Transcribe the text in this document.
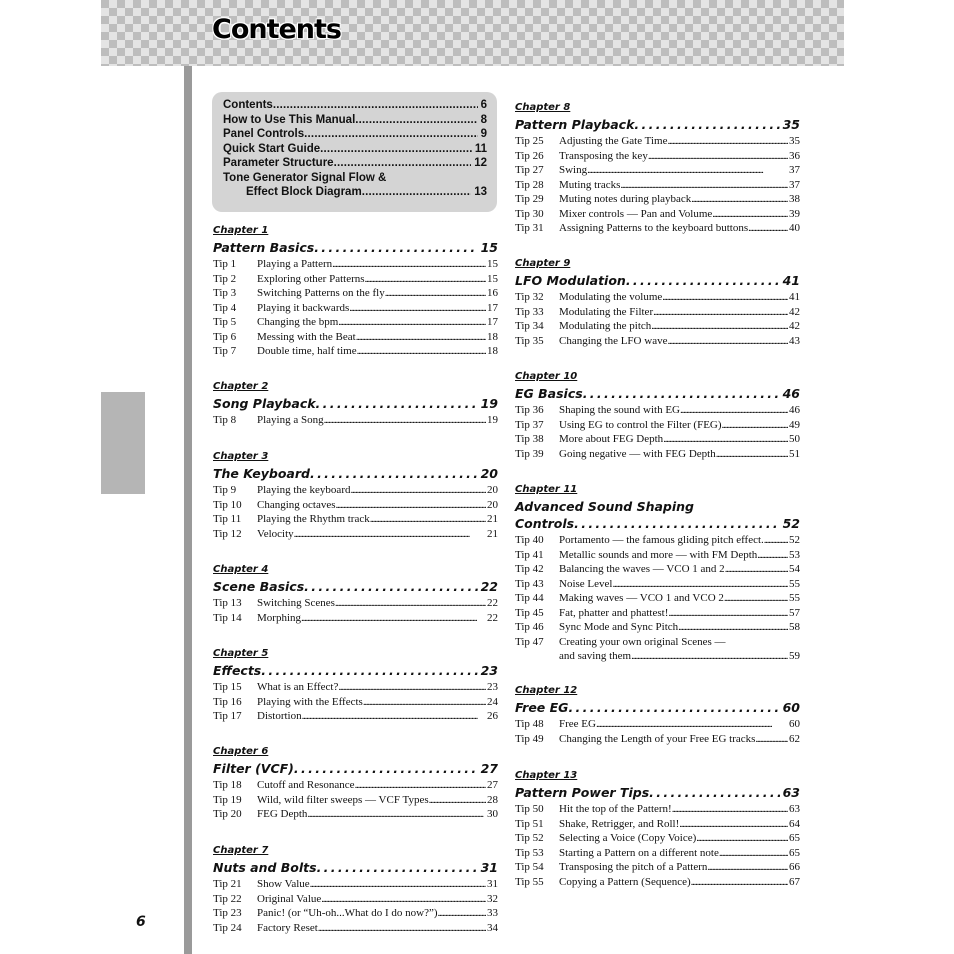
Contents
6
Contents . . .	6
How to Use This Manual . . .	8
Panel Controls . . .	9
Quick Start Guide . . .	11
Parameter Structure . . .	12
Tone Generator Signal Flow &
Effect Block Diagram . . .	13
Chapter 1
Pattern Basics . . .	15
Tip 1	Playing a Pattern . . .	15
Tip 2	Exploring other Patterns . . .	15
Tip 3	Switching Patterns on the fly . . .	16
Tip 4	Playing it backwards . . .	17
Tip 5	Changing the bpm . . .	17
Tip 6	Messing with the Beat . . .	18
Tip 7	Double time, half time . . .	18
Chapter 2
Song Playback . . .	19
Tip 8	Playing a Song . . .	19
Chapter 3
The Keyboard . . .	20
Tip 9	Playing the keyboard . . .	20
Tip 10	Changing octaves . . .	20
Tip 11	Playing the Rhythm track . . .	21
Tip 12	Velocity . . .	21
Chapter 4
Scene Basics . . .	22
Tip 13	Switching Scenes . . .	22
Tip 14	Morphing . . .	22
Chapter 5
Effects . . .	23
Tip 15	What is an Effect? . . .	23
Tip 16	Playing with the Effects . . .	24
Tip 17	Distortion . . .	26
Chapter 6
Filter (VCF) . . .	27
Tip 18	Cutoff and Resonance . . .	27
Tip 19	Wild, wild filter sweeps — VCF Types . . .	28
Tip 20	FEG Depth . . .	30
Chapter 7
Nuts and Bolts . . .	31
Tip 21	Show Value . . .	31
Tip 22	Original Value . . .	32
Tip 23	Panic! (or “Uh-oh...What do I do now?”) . . .	33
Tip 24	Factory Reset . . .	34
Chapter 8
Pattern Playback . . .	35
Tip 25	Adjusting the Gate Time . . .	35
Tip 26	Transposing the key . . .	36
Tip 27	Swing . . .	37
Tip 28	Muting tracks . . .	37
Tip 29	Muting notes during playback . . .	38
Tip 30	Mixer controls — Pan and Volume . . .	39
Tip 31	Assigning Patterns to the keyboard buttons . . .	40
Chapter 9
LFO Modulation . . .	41
Tip 32	Modulating the volume . . .	41
Tip 33	Modulating the Filter . . .	42
Tip 34	Modulating the pitch . . .	42
Tip 35	Changing the LFO wave . . .	43
Chapter 10
EG Basics . . .	46
Tip 36	Shaping the sound with EG . . .	46
Tip 37	Using EG to control the Filter (FEG) . . .	49
Tip 38	More about FEG Depth . . .	50
Tip 39	Going negative — with FEG Depth . . .	51
Chapter 11
Advanced Sound Shaping
Controls . . .	52
Tip 40	Portamento — the famous gliding pitch effect. . . . 52
Tip 41	Metallic sounds and more — with FM Depth . . .	53
Tip 42	Balancing the waves — VCO 1 and 2 . . .	54
Tip 43	Noise Level . . .	55
Tip 44	Making waves — VCO 1 and VCO 2 . . .	55
Tip 45	Fat, phatter and phattest! . . .	57
Tip 46	Sync Mode and Sync Pitch . . .	58
Tip 47	Creating your own original Scenes —
and saving them . . .	59
Chapter 12
Free EG . . .	60
Tip 48	Free EG . . .	60
Tip 49	Changing the Length of your Free EG tracks . . .	62
Chapter 13
Pattern Power Tips . . .	63
Tip 50	Hit the top of the Pattern! . . .	63
Tip 51	Shake, Retrigger, and Roll! . . .	64
Tip 52	Selecting a Voice (Copy Voice) . . .	65
Tip 53	Starting a Pattern on a different note . . .	65
Tip 54	Transposing the pitch of a Pattern . . .	66
Tip 55	Copying a Pattern (Sequence) . . .	67
